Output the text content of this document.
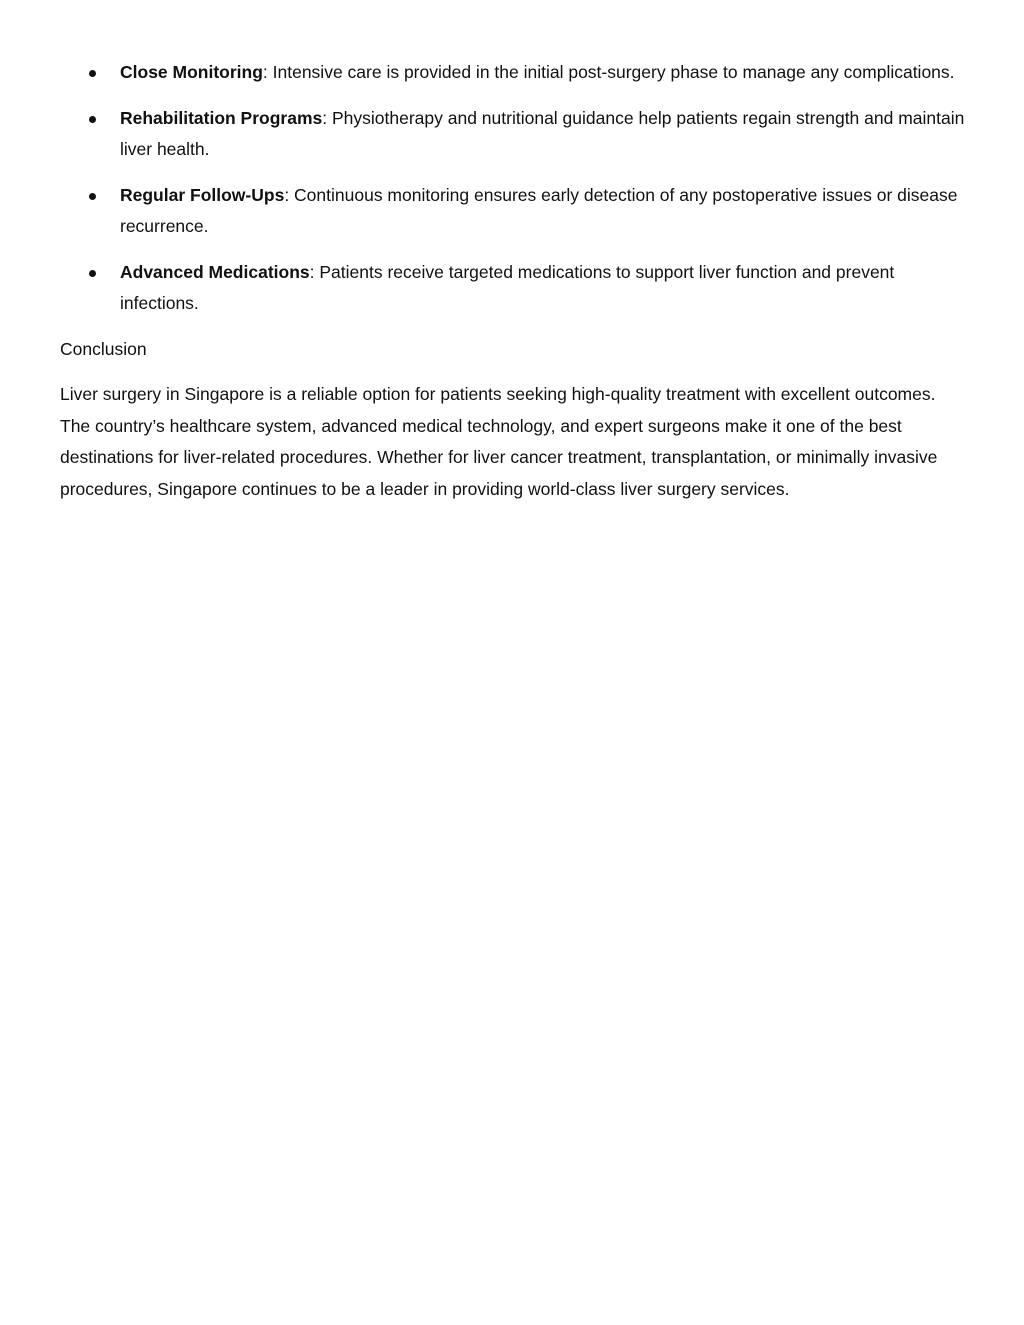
Close Monitoring: Intensive care is provided in the initial post-surgery phase to manage any complications.
Rehabilitation Programs: Physiotherapy and nutritional guidance help patients regain strength and maintain liver health.
Regular Follow-Ups: Continuous monitoring ensures early detection of any postoperative issues or disease recurrence.
Advanced Medications: Patients receive targeted medications to support liver function and prevent infections.
Conclusion

Liver surgery in Singapore is a reliable option for patients seeking high-quality treatment with excellent outcomes. The country’s healthcare system, advanced medical technology, and expert surgeons make it one of the best destinations for liver-related procedures. Whether for liver cancer treatment, transplantation, or minimally invasive procedures, Singapore continues to be a leader in providing world-class liver surgery services.
